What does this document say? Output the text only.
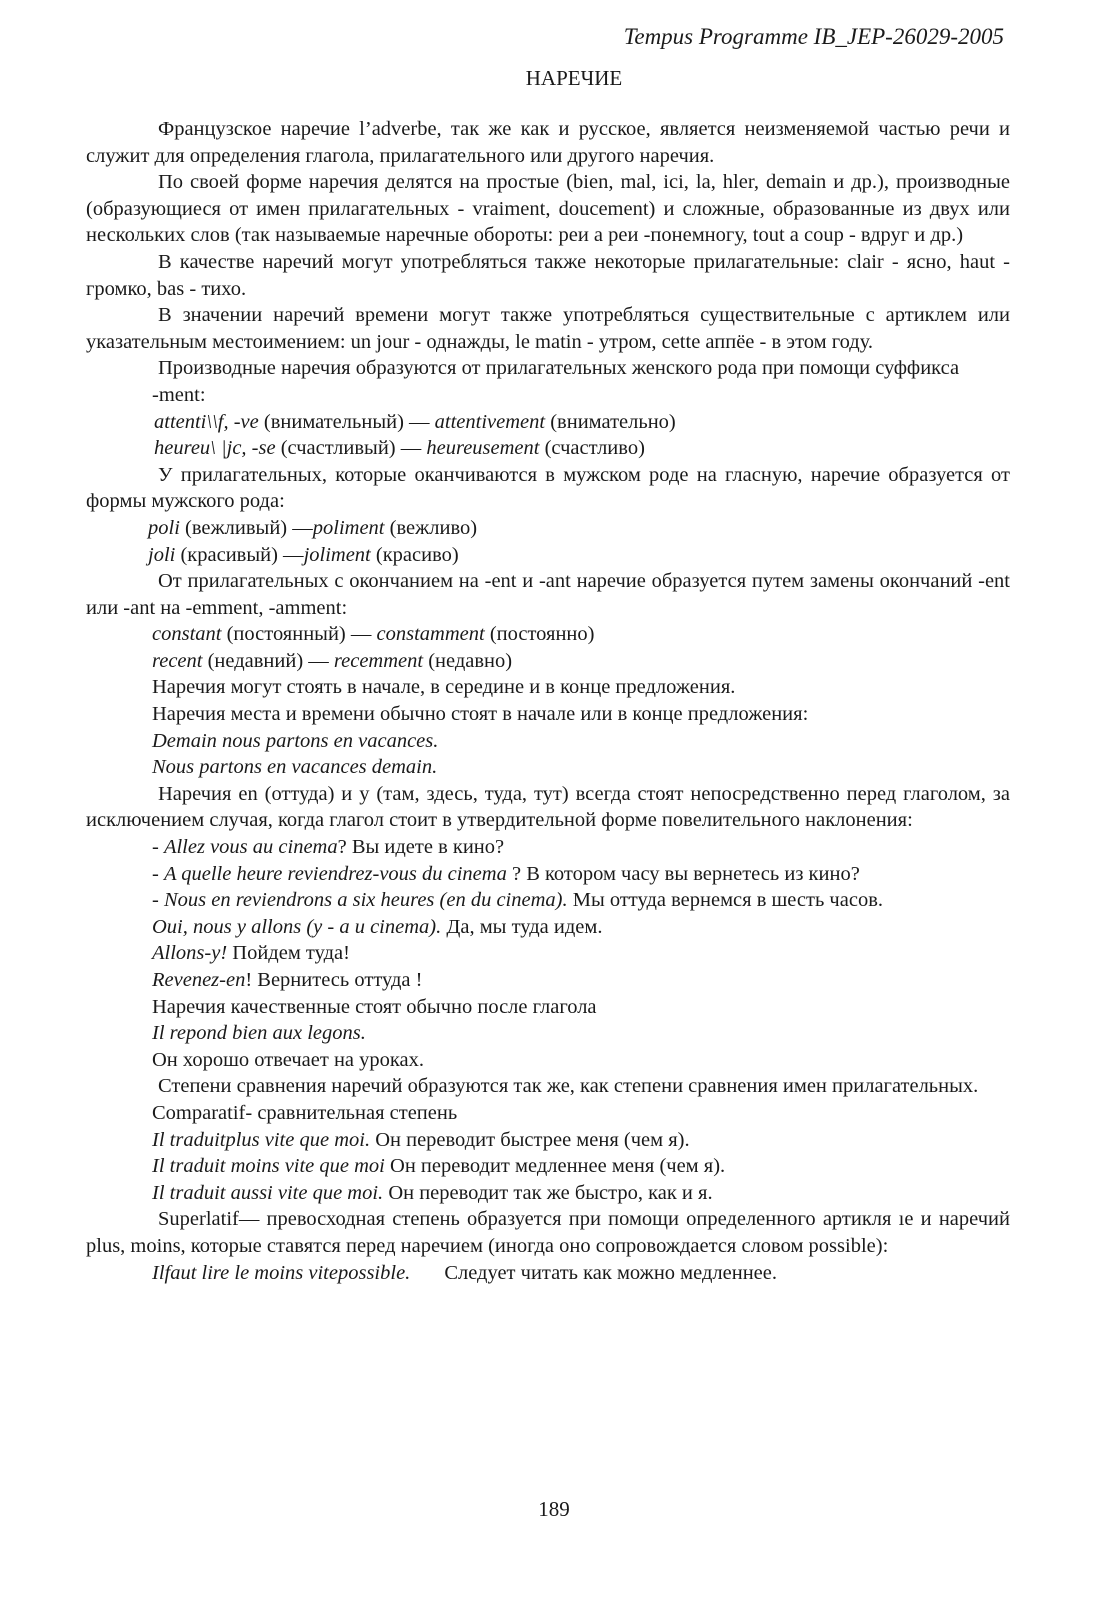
Tempus Programme IB_JEP-26029-2005
НАРЕЧИЕ

Французское наречие l’adverbe, так же как и русское, является неизменяемой частью речи и служит для определения глагола, прилагательного или другого наречия.

По своей форме наречия делятся на простые (bien, mal, ici, la, hler, demain и др.), производные (образующиеся от имен прилагательных - vraiment, doucement) и сложные, образованные из двух или нескольких слов (так называемые наречные обороты: реи а реи -понемногу, tout a coup - вдруг и др.)

В качестве наречий могут употребляться также некоторые прилагательные: clair - ясно, haut - громко, bas - тихо.

В значении наречий времени могут также употребляться существительные с артиклем или указательным местоимением: un jour - однажды, le matin - утром, cette аппёе - в этом году.

Производные наречия образуются от прилагательных женского рода при помощи суффикса

-ment:

attenti\\f, -ve (внимательный) — attentivement (внимательно)

heureu\ |jc, -se (счастливый) — heureusement (счастливо)

У прилагательных, которые оканчиваются в мужском роде на гласную, наречие образуется от формы мужского рода:

poli (вежливый) —poliment (вежливо)

joli (красивый) —joliment (красиво)

От прилагательных с окончанием на -ent и -ant наречие образуется путем замены окончаний -ent или -ant на -emment, -amment:

constant (постоянный) — constamment (постоянно)

recent (недавний) — recemment (недавно)

Наречия могут стоять в начале, в середине и в конце предложения.

Наречия места и времени обычно стоят в начале или в конце предложения:

Demain nous partons en vacances.

Nous partons en vacances demain.

Наречия en (оттуда) и у (там, здесь, туда, тут) всегда стоят непосредственно перед глаголом, за исключением случая, когда глагол стоит в утвердительной форме повелительного наклонения:

- Allez vous au cinema? Вы идете в кино?

- A quelle heure reviendrez-vous du cinema ? В котором часу вы вернетесь из кино?

- Nous en reviendrons a six heures (en du cinema). Мы оттуда вернемся в шесть часов.

Oui, nous y allons (у - a u cinema). Да, мы туда идем.

Allons-y! Пойдем туда!

Revenez-en! Вернитесь оттуда !

Наречия качественные стоят обычно после глагола

Il repond bien aux legons.

Он хорошо отвечает на уроках.

Степени сравнения наречий образуются так же, как степени сравнения имен прилагательных.

Comparatif- сравнительная степень

Il traduitplus vite que moi. Он переводит быстрее меня (чем я).

Il traduit moins vite que moi Он переводит медленнее меня (чем я).

Il traduit aussi vite que moi. Он переводит так же быстро, как и я.

Superlatif— превосходная степень образуется при помощи определенного артикля ıe и наречий plus, moins, которые ставятся перед наречием (иногда оно сопровождается словом possible):

Ilfaut lire le moins vitepossible. Следует читать как можно медленнее.

189
